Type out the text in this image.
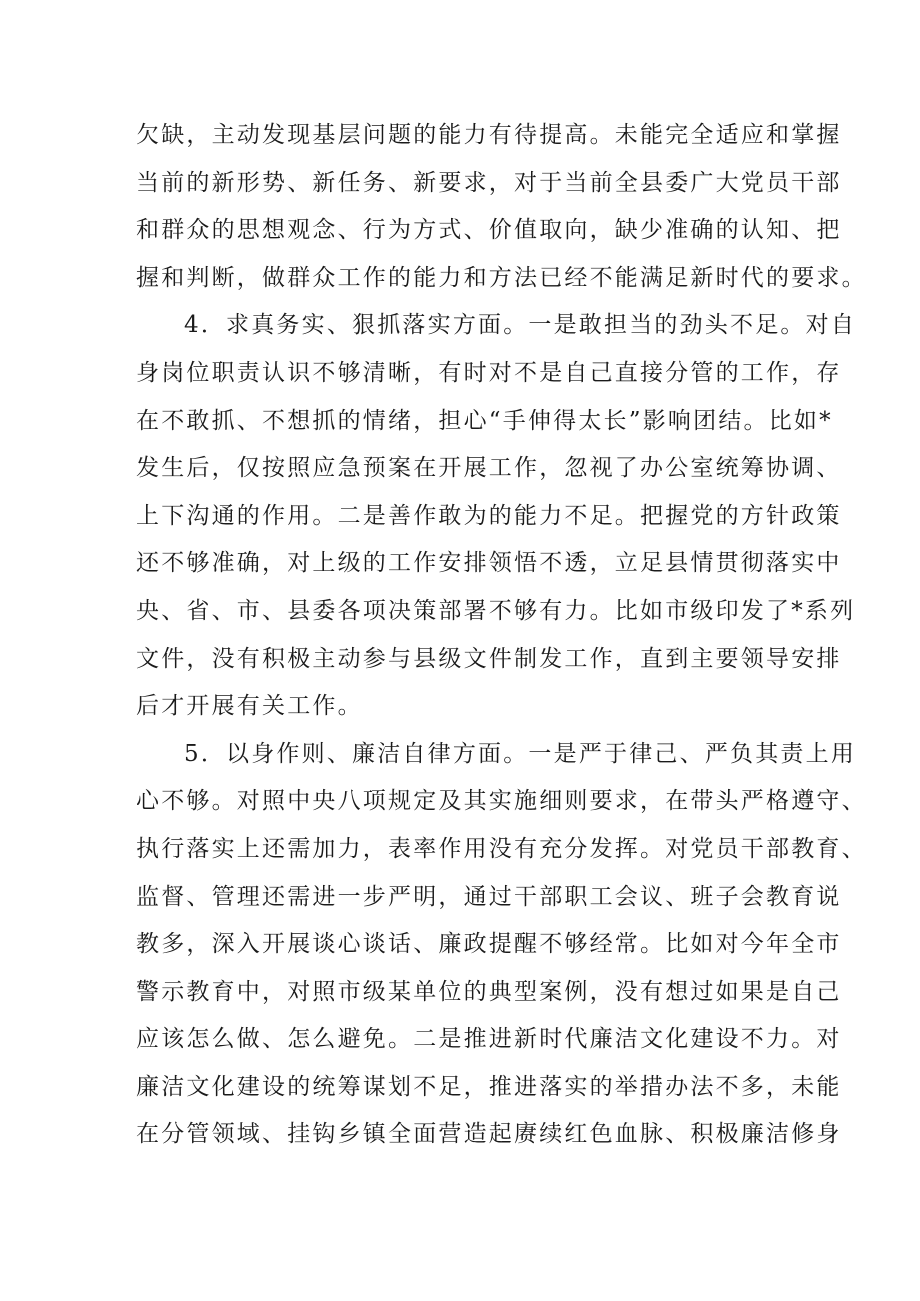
欠缺，主动发现基层问题的能力有待提高。未能完全适应和掌握
当前的新形势、新任务、新要求，对于当前全县委广大党员干部
和群众的思想观念、行为方式、价值取向，缺少准确的认知、把
握和判断，做群众工作的能力和方法已经不能满足新时代的要求。
4．求真务实、狠抓落实方面。一是敢担当的劲头不足。对自
身岗位职责认识不够清晰，有时对不是自己直接分管的工作，存
在不敢抓、不想抓的情绪，担心“手伸得太长”影响团结。比如*
发生后，仅按照应急预案在开展工作，忽视了办公室统筹协调、
上下沟通的作用。二是善作敢为的能力不足。把握党的方针政策
还不够准确，对上级的工作安排领悟不透，立足县情贯彻落实中
央、省、市、县委各项决策部署不够有力。比如市级印发了*系列
文件，没有积极主动参与县级文件制发工作，直到主要领导安排
后才开展有关工作。
5．以身作则、廉洁自律方面。一是严于律己、严负其责上用
心不够。对照中央八项规定及其实施细则要求，在带头严格遵守、
执行落实上还需加力，表率作用没有充分发挥。对党员干部教育、
监督、管理还需进一步严明，通过干部职工会议、班子会教育说
教多，深入开展谈心谈话、廉政提醒不够经常。比如对今年全市
警示教育中，对照市级某单位的典型案例，没有想过如果是自己
应该怎么做、怎么避免。二是推进新时代廉洁文化建设不力。对
廉洁文化建设的统筹谋划不足，推进落实的举措办法不多，未能
在分管领域、挂钩乡镇全面营造起赓续红色血脉、积极廉洁修身
